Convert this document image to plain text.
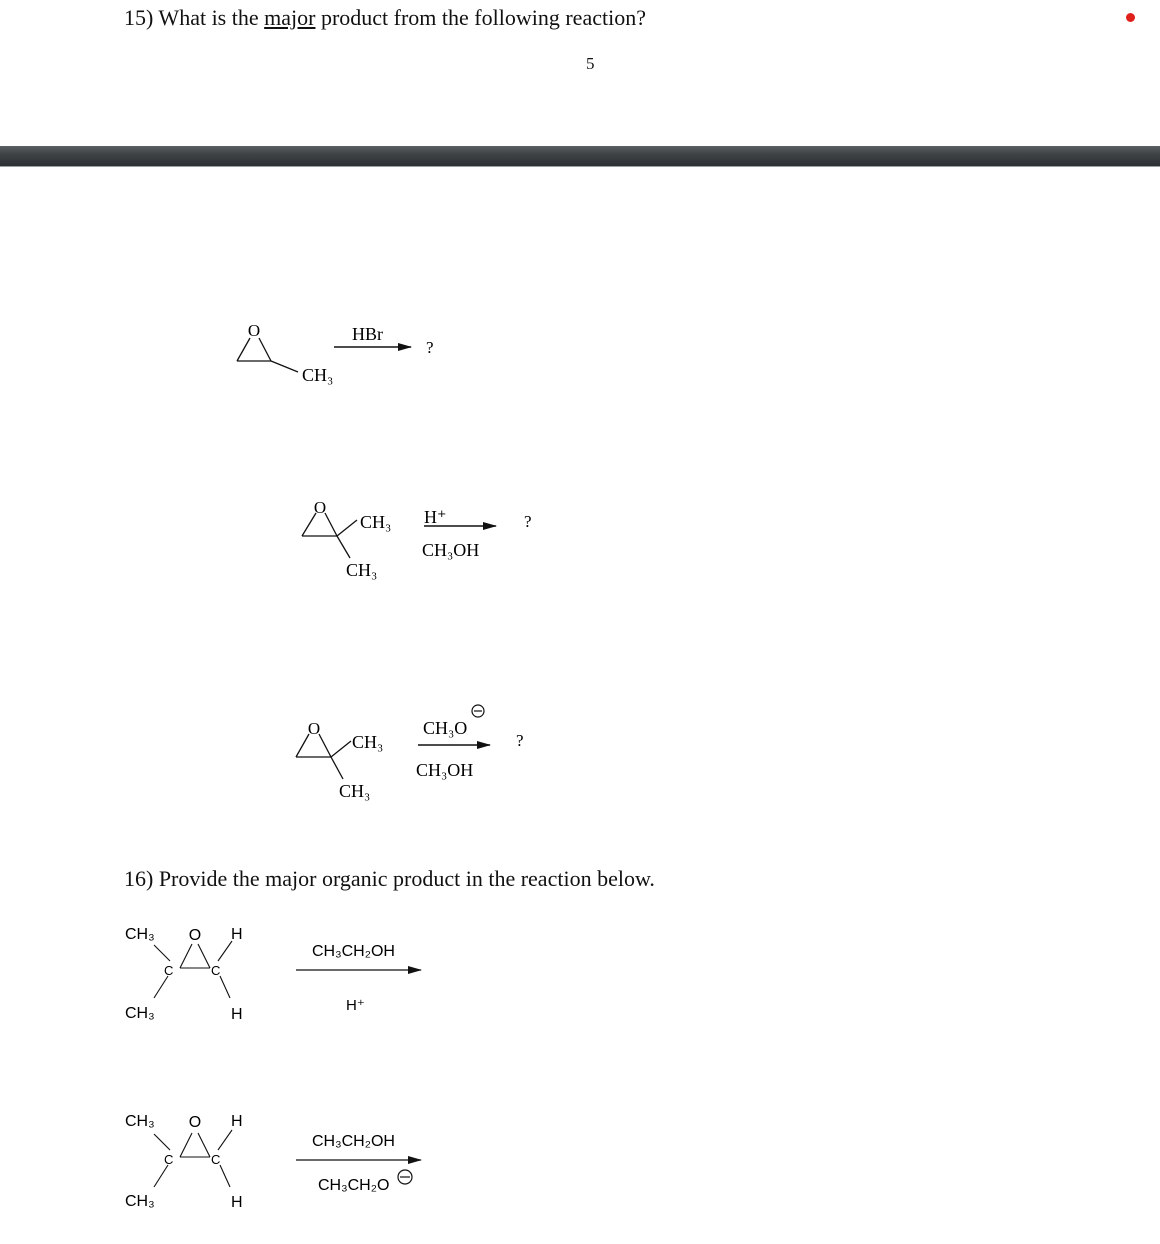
15) What is the major product from the following reaction?
5
O
CH₃
HBr
?
O
CH₃
CH₃
H⁺
CH₃OH
?
O
CH₃
CH₃
CH₃O
CH₃OH
?
CH₃ O H
C	C
CH₃	H
CH₃CH₂OH
H⁺
CH₃ O H
C	C
CH₃	H
CH₃CH₂OH
CH₃CH₂O
16) Provide the major organic product in the reaction below.
